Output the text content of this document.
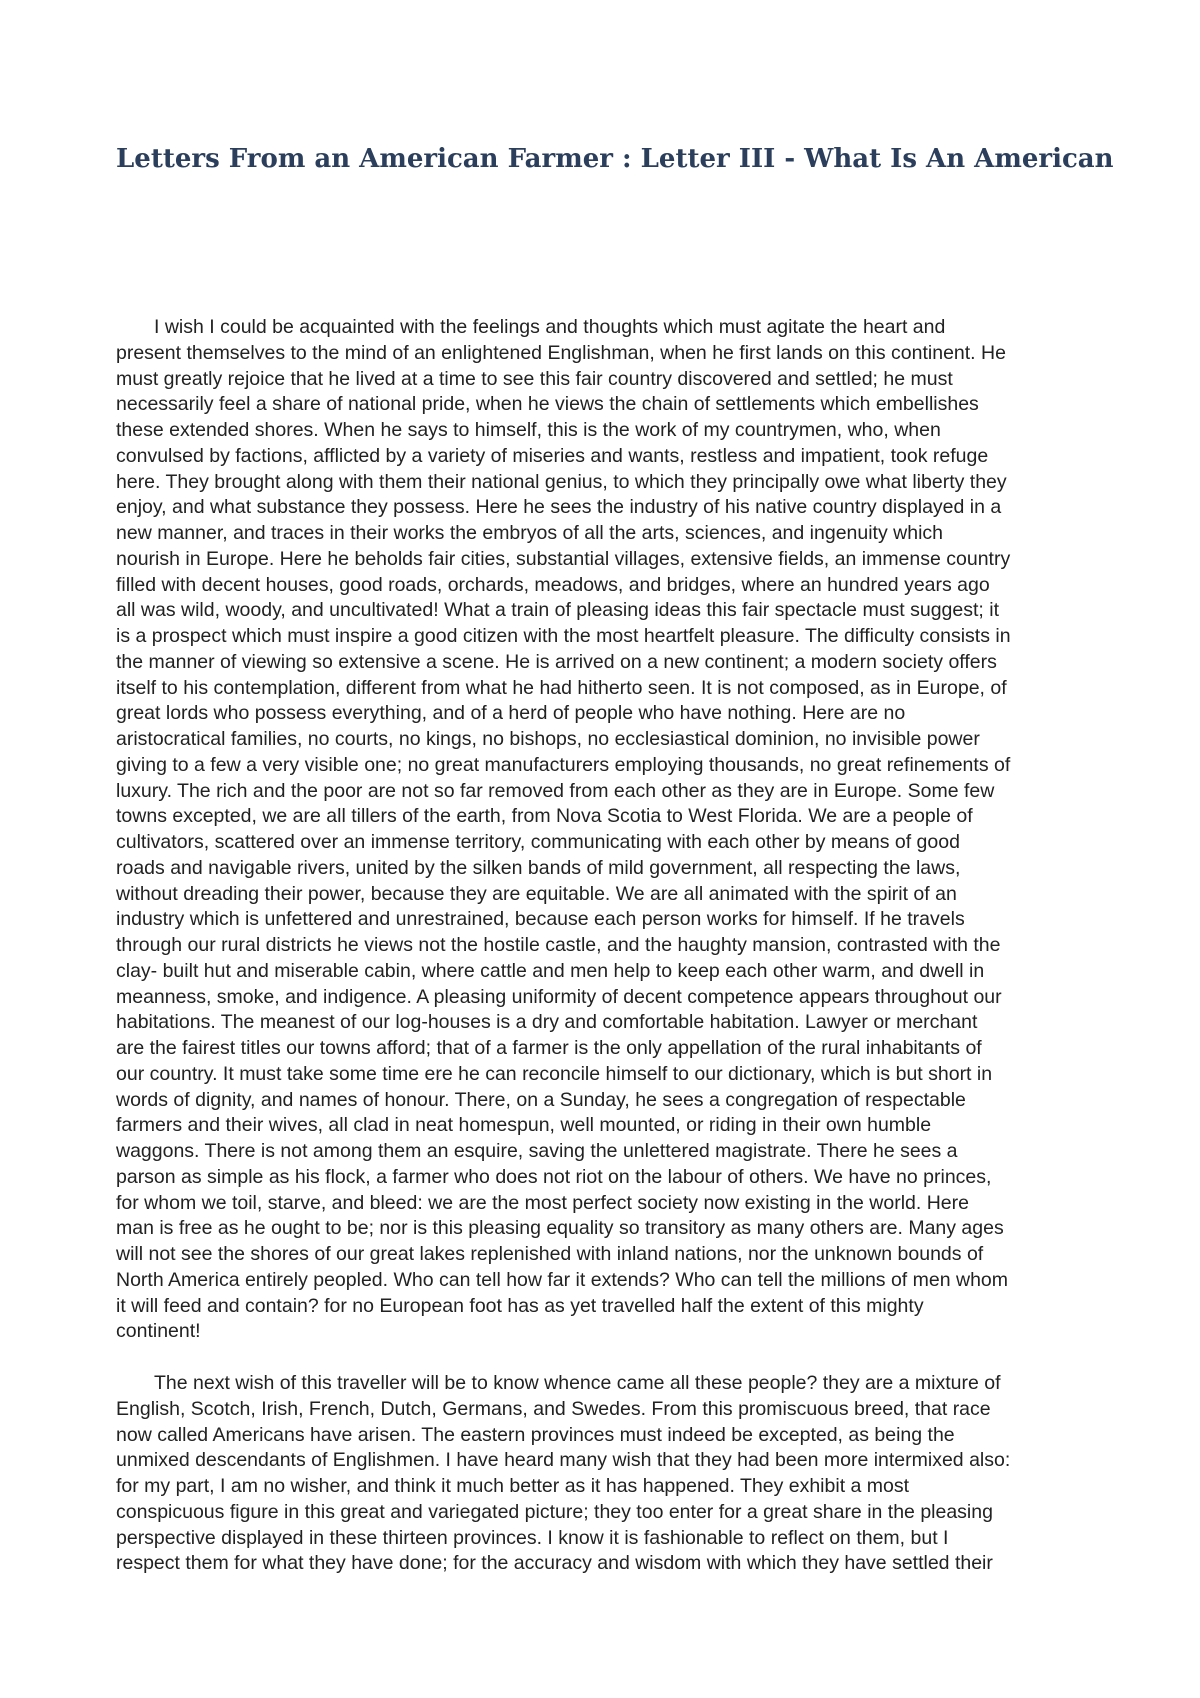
Letters From an American Farmer : Letter III - What Is An American

I wish I could be acquainted with the feelings and thoughts which must agitate the heart and
present themselves to the mind of an enlightened Englishman, when he first lands on this continent. He
must greatly rejoice that he lived at a time to see this fair country discovered and settled; he must
necessarily feel a share of national pride, when he views the chain of settlements which embellishes
these extended shores. When he says to himself, this is the work of my countrymen, who, when
convulsed by factions, afflicted by a variety of miseries and wants, restless and impatient, took refuge
here. They brought along with them their national genius, to which they principally owe what liberty they
enjoy, and what substance they possess. Here he sees the industry of his native country displayed in a
new manner, and traces in their works the embryos of all the arts, sciences, and ingenuity which
nourish in Europe. Here he beholds fair cities, substantial villages, extensive fields, an immense country
filled with decent houses, good roads, orchards, meadows, and bridges, where an hundred years ago
all was wild, woody, and uncultivated! What a train of pleasing ideas this fair spectacle must suggest; it
is a prospect which must inspire a good citizen with the most heartfelt pleasure. The difficulty consists in
the manner of viewing so extensive a scene. He is arrived on a new continent; a modern society offers
itself to his contemplation, different from what he had hitherto seen. It is not composed, as in Europe, of
great lords who possess everything, and of a herd of people who have nothing. Here are no
aristocratical families, no courts, no kings, no bishops, no ecclesiastical dominion, no invisible power
giving to a few a very visible one; no great manufacturers employing thousands, no great refinements of
luxury. The rich and the poor are not so far removed from each other as they are in Europe. Some few
towns excepted, we are all tillers of the earth, from Nova Scotia to West Florida. We are a people of
cultivators, scattered over an immense territory, communicating with each other by means of good
roads and navigable rivers, united by the silken bands of mild government, all respecting the laws,
without dreading their power, because they are equitable. We are all animated with the spirit of an
industry which is unfettered and unrestrained, because each person works for himself. If he travels
through our rural districts he views not the hostile castle, and the haughty mansion, contrasted with the
clay- built hut and miserable cabin, where cattle and men help to keep each other warm, and dwell in
meanness, smoke, and indigence. A pleasing uniformity of decent competence appears throughout our
habitations. The meanest of our log-houses is a dry and comfortable habitation. Lawyer or merchant
are the fairest titles our towns afford; that of a farmer is the only appellation of the rural inhabitants of
our country. It must take some time ere he can reconcile himself to our dictionary, which is but short in
words of dignity, and names of honour. There, on a Sunday, he sees a congregation of respectable
farmers and their wives, all clad in neat homespun, well mounted, or riding in their own humble
waggons. There is not among them an esquire, saving the unlettered magistrate. There he sees a
parson as simple as his flock, a farmer who does not riot on the labour of others. We have no princes,
for whom we toil, starve, and bleed: we are the most perfect society now existing in the world. Here
man is free as he ought to be; nor is this pleasing equality so transitory as many others are. Many ages
will not see the shores of our great lakes replenished with inland nations, nor the unknown bounds of
North America entirely peopled. Who can tell how far it extends? Who can tell the millions of men whom
it will feed and contain? for no European foot has as yet travelled half the extent of this mighty
continent!

The next wish of this traveller will be to know whence came all these people? they are a mixture of
English, Scotch, Irish, French, Dutch, Germans, and Swedes. From this promiscuous breed, that race
now called Americans have arisen. The eastern provinces must indeed be excepted, as being the
unmixed descendants of Englishmen. I have heard many wish that they had been more intermixed also:
for my part, I am no wisher, and think it much better as it has happened. They exhibit a most
conspicuous figure in this great and variegated picture; they too enter for a great share in the pleasing
perspective displayed in these thirteen provinces. I know it is fashionable to reflect on them, but I
respect them for what they have done; for the accuracy and wisdom with which they have settled their
